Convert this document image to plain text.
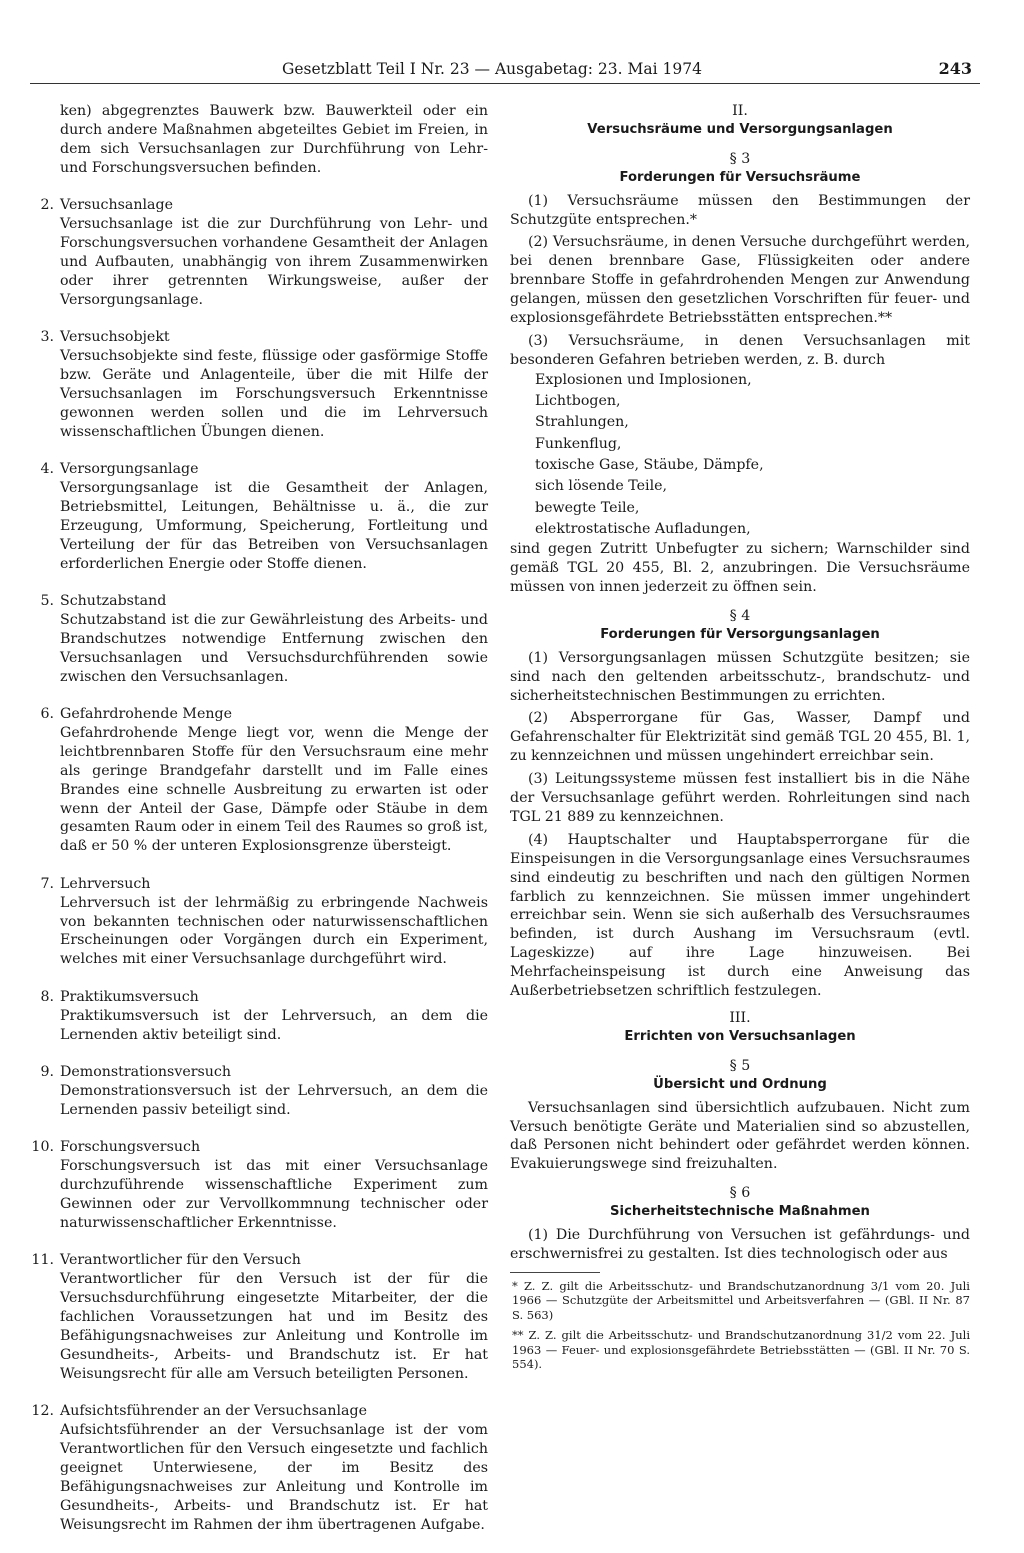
Gesetzblatt Teil I Nr. 23 — Ausgabetag: 23. Mai 1974	243
ken) abgegrenztes Bauwerk bzw. Bauwerkteil oder ein durch andere Maßnahmen abgeteiltes Gebiet im Freien, in dem sich Versuchsanlagen zur Durchführung von Lehr- und Forschungsversuchen befinden.
2. Versuchsanlage
Versuchsanlage ist die zur Durchführung von Lehr- und Forschungsversuchen vorhandene Gesamtheit der Anlagen und Aufbauten, unabhängig von ihrem Zusammenwirken oder ihrer getrennten Wirkungsweise, außer der Versorgungsanlage.
3. Versuchsobjekt
Versuchsobjekte sind feste, flüssige oder gasförmige Stoffe bzw. Geräte und Anlagenteile, über die mit Hilfe der Versuchsanlagen im Forschungsversuch Erkenntnisse gewonnen werden sollen und die im Lehrversuch wissenschaftlichen Übungen dienen.
4. Versorgungsanlage
Versorgungsanlage ist die Gesamtheit der Anlagen, Betriebsmittel, Leitungen, Behältnisse u. ä., die zur Erzeugung, Umformung, Speicherung, Fortleitung und Verteilung der für das Betreiben von Versuchsanlagen erforderlichen Energie oder Stoffe dienen.
5. Schutzabstand
Schutzabstand ist die zur Gewährleistung des Arbeits- und Brandschutzes notwendige Entfernung zwischen den Versuchsanlagen und Versuchsdurchführenden sowie zwischen den Versuchsanlagen.
6. Gefahrdrohende Menge
Gefahrdrohende Menge liegt vor, wenn die Menge der leichtbrennbaren Stoffe für den Versuchsraum eine mehr als geringe Brandgefahr darstellt und im Falle eines Brandes eine schnelle Ausbreitung zu erwarten ist oder wenn der Anteil der Gase, Dämpfe oder Stäube in dem gesamten Raum oder in einem Teil des Raumes so groß ist, daß er 50 % der unteren Explosionsgrenze übersteigt.
7. Lehrversuch
Lehrversuch ist der lehrmäßig zu erbringende Nachweis von bekannten technischen oder naturwissenschaftlichen Erscheinungen oder Vorgängen durch ein Experiment, welches mit einer Versuchsanlage durchgeführt wird.
8. Praktikumsversuch
Praktikumsversuch ist der Lehrversuch, an dem die Lernenden aktiv beteiligt sind.
9. Demonstrationsversuch
Demonstrationsversuch ist der Lehrversuch, an dem die Lernenden passiv beteiligt sind.
10. Forschungsversuch
Forschungsversuch ist das mit einer Versuchsanlage durchzuführende wissenschaftliche Experiment zum Gewinnen oder zur Vervollkommnung technischer oder naturwissenschaftlicher Erkenntnisse.
11. Verantwortlicher für den Versuch
Verantwortlicher für den Versuch ist der für die Versuchsdurchführung eingesetzte Mitarbeiter, der die fachlichen Voraussetzungen hat und im Besitz des Befähigungsnachweises zur Anleitung und Kontrolle im Gesundheits-, Arbeits- und Brandschutz ist. Er hat Weisungsrecht für alle am Versuch beteiligten Personen.
12. Aufsichtsführender an der Versuchsanlage
Aufsichtsführender an der Versuchsanlage ist der vom Verantwortlichen für den Versuch eingesetzte und fachlich geeignet Unterwiesene, der im Besitz des Befähigungsnachweises zur Anleitung und Kontrolle im Gesundheits-, Arbeits- und Brandschutz ist. Er hat Weisungsrecht im Rahmen der ihm übertragenen Aufgabe.
II.
Versuchsräume und Versorgungsanlagen
§ 3
Forderungen für Versuchsräume
(1) Versuchsräume müssen den Bestimmungen der Schutzgüte entsprechen.*
(2) Versuchsräume, in denen Versuche durchgeführt werden, bei denen brennbare Gase, Flüssigkeiten oder andere brennbare Stoffe in gefahrdrohenden Mengen zur Anwendung gelangen, müssen den gesetzlichen Vorschriften für feuer- und explosionsgefährdete Betriebsstätten entsprechen.**
(3) Versuchsräume, in denen Versuchsanlagen mit besonderen Gefahren betrieben werden, z. B. durch
Explosionen und Implosionen,
Lichtbogen,
Strahlungen,
Funkenflug,
toxische Gase, Stäube, Dämpfe,
sich lösende Teile,
bewegte Teile,
elektrostatische Aufladungen,
sind gegen Zutritt Unbefugter zu sichern; Warnschilder sind gemäß TGL 20 455, Bl. 2, anzubringen. Die Versuchsräume müssen von innen jederzeit zu öffnen sein.
§ 4
Forderungen für Versorgungsanlagen
(1) Versorgungsanlagen müssen Schutzgüte besitzen; sie sind nach den geltenden arbeitsschutz-, brandschutz- und sicherheitstechnischen Bestimmungen zu errichten.
(2) Absperrorgane für Gas, Wasser, Dampf und Gefahrenschalter für Elektrizität sind gemäß TGL 20 455, Bl. 1, zu kennzeichnen und müssen ungehindert erreichbar sein.
(3) Leitungssysteme müssen fest installiert bis in die Nähe der Versuchsanlage geführt werden. Rohrleitungen sind nach TGL 21 889 zu kennzeichnen.
(4) Hauptschalter und Hauptabsperrorgane für die Einspeisungen in die Versorgungsanlage eines Versuchsraumes sind eindeutig zu beschriften und nach den gültigen Normen farblich zu kennzeichnen. Sie müssen immer ungehindert erreichbar sein. Wenn sie sich außerhalb des Versuchsraumes befinden, ist durch Aushang im Versuchsraum (evtl. Lageskizze) auf ihre Lage hinzuweisen. Bei Mehrfacheinspeisung ist durch eine Anweisung das Außerbetriebsetzen schriftlich festzulegen.
III.
Errichten von Versuchsanlagen
§ 5
Übersicht und Ordnung
Versuchsanlagen sind übersichtlich aufzubauen. Nicht zum Versuch benötigte Geräte und Materialien sind so abzustellen, daß Personen nicht behindert oder gefährdet werden können. Evakuierungswege sind freizuhalten.
§ 6
Sicherheitstechnische Maßnahmen
(1) Die Durchführung von Versuchen ist gefährdungs- und erschwernisfrei zu gestalten. Ist dies technologisch oder aus
* Z. Z. gilt die Arbeitsschutz- und Brandschutzanordnung 3/1 vom 20. Juli 1966 — Schutzgüte der Arbeitsmittel und Arbeitsverfahren — (GBl. II Nr. 87 S. 563)
** Z. Z. gilt die Arbeitsschutz- und Brandschutzanordnung 31/2 vom 22. Juli 1963 — Feuer- und explosionsgefährdete Betriebsstätten — (GBl. II Nr. 70 S. 554).
